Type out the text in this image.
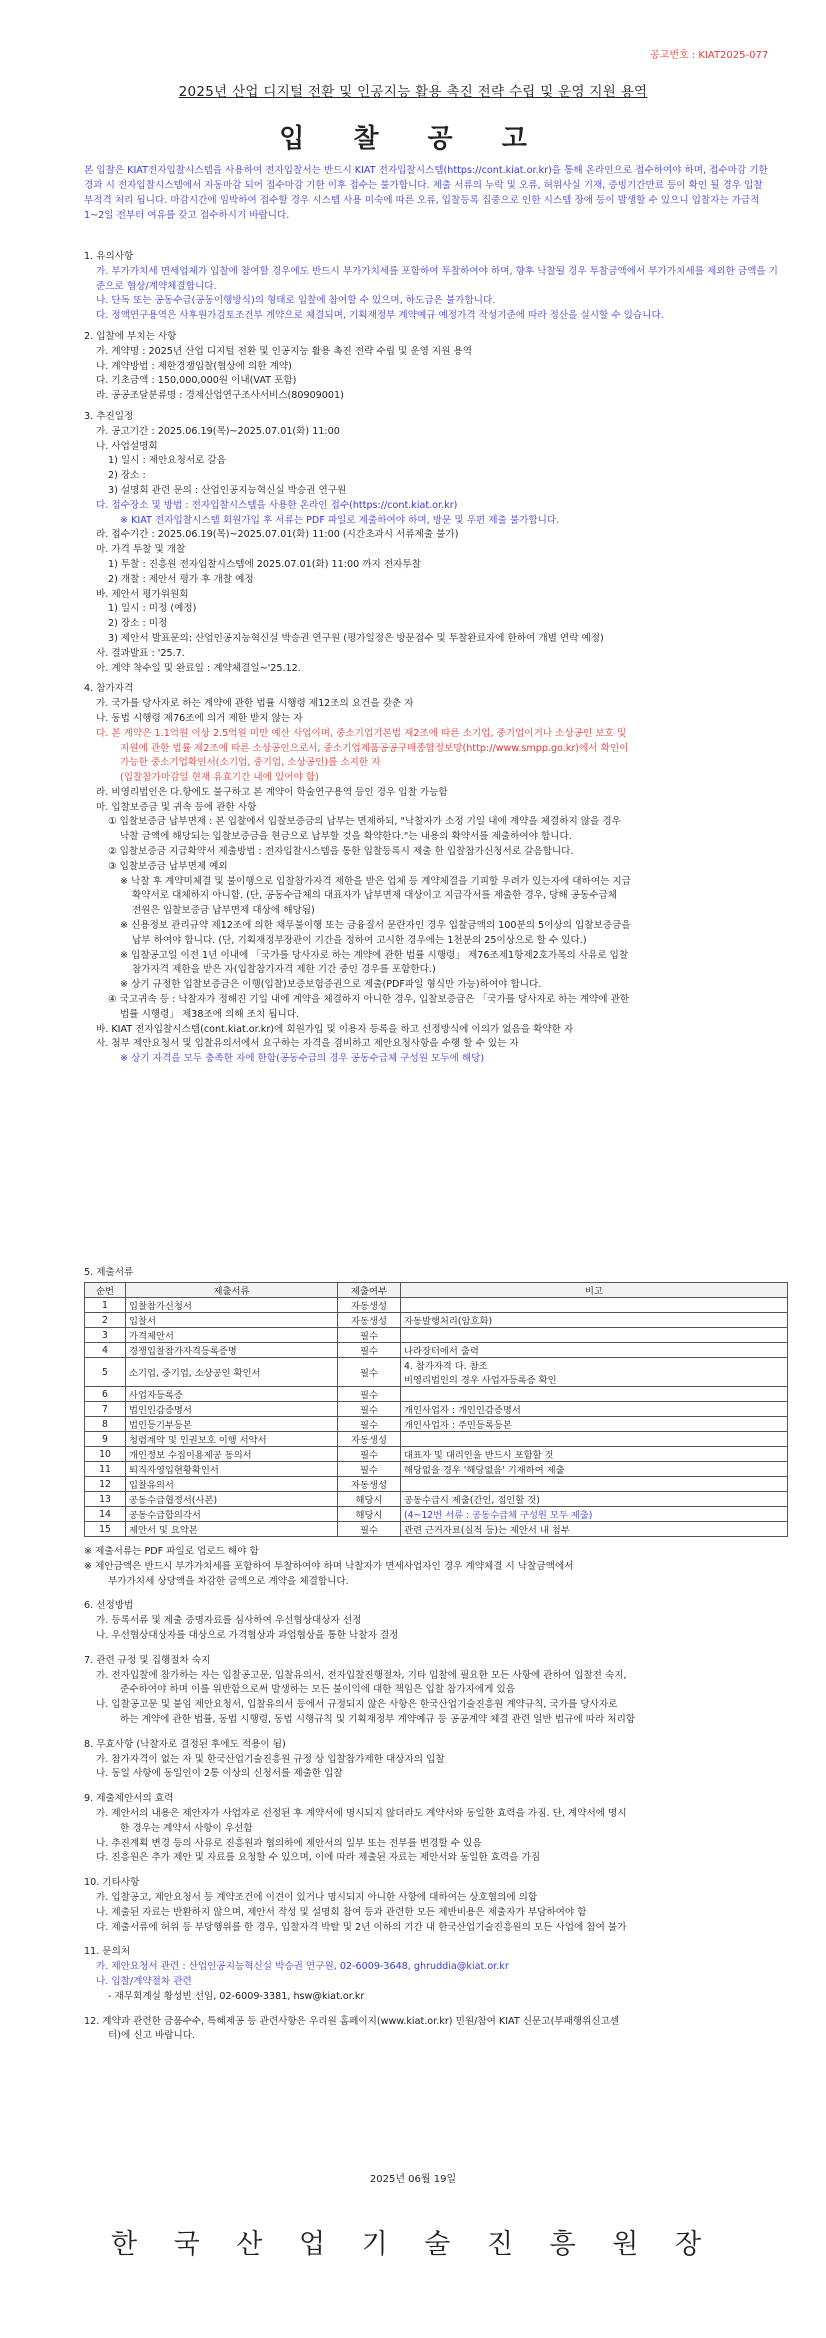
공고번호 : KIAT2025-077
2025년 산업 디지털 전환 및 인공지능 활용 촉진 전략 수립 및 운영 지원 용역
입 찰 공 고
본 입찰은 KIAT전자입찰시스템을 사용하여 전자입찰서는 반드시 KIAT 전자입찰시스템(https://cont.kiat.or.kr)을 통해 온라인으로 접수하여야 하며, 접수마감 기한 경과 시 전자입찰시스템에서 자동마감 되어 접수마감 기한 이후 접수는 불가합니다. 제출 서류의 누락 및 오류, 허위사실 기재, 증빙기간만료 등이 확인 될 경우 입찰 부적격 처리 됩니다. 마감시간에 임박하여 접수할 경우 시스템 사용 미숙에 따른 오류, 입찰등록 집중으로 인한 시스템 장애 등이 발생할 수 있으니 입찰자는 가급적 1~2일 전부터 여유를 갖고 접수하시기 바랍니다.
1. 유의사항
가. 부가가치세 면세업체가 입찰에 참여할 경우에도 반드시 부가가치세를 포함하여 투찰하여야 하며, 향후 낙찰될 경우 투찰금액에서 부가가치세를 제외한 금액을 기준으로 협상/계약체결합니다.
나. 단독 또는 공동수급(공동이행방식)의 형태로 입찰에 참여할 수 있으며, 하도급은 불가합니다.
다. 정액연구용역은 사후원가검토조건부 계약으로 체결되며, 기획재정부 계약예규 예정가격 작성기준에 따라 정산을 실시할 수 있습니다.
2. 입찰에 부치는 사항
가. 계약명 : 2025년 산업 디지털 전환 및 인공지능 활용 촉진 전략 수립 및 운영 지원 용역
나. 계약방법 : 제한경쟁입찰(협상에 의한 계약)
다. 기초금액 : 150,000,000원 이내(VAT 포함)
라. 공공조달분류명 : 경제산업연구조사서비스(80909001)
3. 추진일정
가. 공고기간 : 2025.06.19(목)~2025.07.01(화) 11:00
나. 사업설명회
1) 일시 : 제안요청서로 갈음
2) 장소 :
3) 설명회 관련 문의 : 산업인공지능혁신실 박승권 연구원
다. 접수장소 및 방법 : 전자입찰시스템을 사용한 온라인 접수(https://cont.kiat.or.kr)
※ KIAT 전자입찰시스템 회원가입 후 서류는 PDF 파일로 제출하여야 하며, 방문 및 우편 제출 불가합니다.
라. 접수기간 : 2025.06.19(목)~2025.07.01(화) 11:00 (시간초과시 서류제출 불가)
마. 가격 투찰 및 개찰
1) 투찰 : 진흥원 전자입찰시스템에 2025.07.01(화) 11:00 까지 전자투찰
2) 개찰 : 제안서 평가 후 개찰 예정
바. 제안서 평가위원회
1) 일시 : 미정 (예정)
2) 장소 : 미정
3) 제안서 발표문의: 산업인공지능혁신실 박승권 연구원 (평가일정은 방문접수 및 투찰완료자에 한하여 개별 연락 예정)
사. 결과발표 : '25.7.
아. 계약 착수일 및 완료일 : 계약체결일~'25.12.
4. 참가자격
가. 국가를 당사자로 하는 계약에 관한 법률 시행령 제12조의 요건을 갖춘 자
나. 동법 시행령 제76조에 의거 제한 받지 않는 자
다. 본 계약은 1.1억원 이상 2.5억원 미만 예산 사업이며, 중소기업기본법 제2조에 따른 소기업, 중기업이거나 소상공인 보호 및
지원에 관한 법률 제2조에 따른 소상공인으로서, 중소기업제품공공구매종합정보망(http://www.smpp.go.kr)에서 확인이
가능한 중소기업확인서(소기업, 중기업, 소상공인)를 소지한 자
(입찰참가마감일 현재 유효기간 내에 있어야 함)
라. 비영리법인은 다.항에도 불구하고 본 계약이 학술연구용역 등인 경우 입찰 가능함
마. 입찰보증금 및 귀속 등에 관한 사항
① 입찰보증금 납부면제 : 본 입찰에서 입찰보증금의 납부는 면제하되, "낙찰자가 소정 기일 내에 계약을 체결하지 않을 경우
낙찰 금액에 해당되는 입찰보증금을 현금으로 납부할 것을 확약한다."는 내용의 확약서를 제출하여야 합니다.
② 입찰보증금 지급확약서 제출방법 : 전자입찰시스템을 통한 입찰등록시 제출 한 입찰참가신청서로 갈음합니다.
③ 입찰보증금 납부면제 예외
※ 낙찰 후 계약미체결 및 불이행으로 입찰참가자격 제한을 받은 업체 등 계약체결을 기피할 우려가 있는자에 대하여는 지급
확약서로 대체하지 아니함. (단, 공동수급체의 대표자가 납부면제 대상이고 지급각서를 제출한 경우, 당해 공동수급체
전원은 입찰보증금 납부면제 대상에 해당됨)
※ 신용정보 관리규약 제12조에 의한 채무불이행 또는 금융질서 문란자인 경우 입찰금액의 100분의 5이상의 입찰보증금을
납부 하여야 합니다. (단, 기획재정부장관이 기간을 정하여 고시한 경우에는 1천분의 25이상으로 할 수 있다.)
※ 입찰공고일 이전 1년 이내에 「국가를 당사자로 하는 계약에 관한 법률 시행령」 제76조제1항제2호가목의 사유로 입찰
참가자격 제한을 받은 자(입찰참가자격 제한 기간 중인 경우를 포함한다.)
※ 상기 규정한 입찰보증금은 이행(입찰)보증보험증권으로 제출(PDF파일 형식만 가능)하여야 합니다.
④ 국고귀속 등 : 낙찰자가 정해진 기일 내에 계약을 체결하지 아니한 경우, 입찰보증금은 「국가를 당사자로 하는 계약에 관한
법률 시행령」 제38조에 의해 조치 됩니다.
바. KIAT 전자입찰시스템(cont.kiat.or.kr)에 회원가입 및 이용자 등록을 하고 선정방식에 이의가 없음을 확약한 자
사. 첨부 제안요청서 및 입찰유의서에서 요구하는 자격을 겸비하고 제안요청사항을 수행 할 수 있는 자
※ 상기 자격을 모두 충족한 자에 한함(공동수급의 경우 공동수급체 구성원 모두에 해당)
5. 제출서류
순번	제출서류	제출여부	비고
1	입찰참가신청서	자동생성	
2	입찰서	자동생성	자동발행처리(암호화)
3	가격제안서	필수	
4	경쟁입찰참가자격등록증명	필수	나라장터에서 출력
5	소기업, 중기업, 소상공인 확인서	필수	4. 참가자격 다. 참조
비영리법인의 경우 사업자등록증 확인
6	사업자등록증	필수	
7	법인인감증명서	필수	개인사업자 : 개인인감증명서
8	법인등기부등본	필수	개인사업자 : 주민등록등본
9	청렴계약 및 인권보호 이행 서약서	자동생성	
10	개인정보 수집이용제공 동의서	필수	대표자 및 대리인을 반드시 포함할 것
11	퇴직자영입현황확인서	필수	해당없을 경우 '해당없음' 기재하여 제출
12	입찰유의서	자동생성	
13	공동수급협정서(사본)	해당시	공동수급시 제출(간인, 접인할 것)
14	공동수급합의각서	해당시	(4~12번 서류 : 공동수급체 구성원 모두 제출)
15	제안서 및 요약본	필수	관련 근거자료(실적 등)는 제안서 내 첨부
※ 제출서류는 PDF 파일로 업로드 해야 함
※ 제안금액은 반드시 부가가치세를 포함하여 투찰하여야 하며 낙찰자가 면세사업자인 경우 계약체결 시 낙찰금액에서
부가가치세 상당액을 차감한 금액으로 계약을 체결합니다.
6. 선정방법
가. 등록서류 및 제출 증명자료를 심사하여 우선협상대상자 선정
나. 우선협상대상자를 대상으로 가격협상과 과업협상을 통한 낙찰자 결정
7. 관련 규정 및 집행절차 숙지
가. 전자입찰에 참가하는 자는 입찰공고문, 입찰유의서, 전자입찰진행절차, 기타 입찰에 필요한 모든 사항에 관하여 입찰전 숙지,
준수하여야 하며 이를 위반함으로써 발생하는 모든 불이익에 대한 책임은 입찰 참가자에게 있음
나. 입찰공고문 및 붙임 제안요청서, 입찰유의서 등에서 규정되지 않은 사항은 한국산업기술진흥원 계약규칙, 국가를 당사자로
하는 계약에 관한 법률, 동법 시행령, 동법 시행규칙 및 기획재정부 계약예규 등 공공계약 체결 관련 일반 법규에 따라 처리함
8. 무효사항 (낙찰자로 결정된 후에도 적용이 됨)
가. 참가자격이 없는 자 및 한국산업기술진흥원 규정 상 입찰참가제한 대상자의 입찰
나. 동일 사항에 동일인이 2통 이상의 신청서를 제출한 입찰
9. 제출제안서의 효력
가. 제안서의 내용은 제안자가 사업자로 선정된 후 계약서에 명시되지 않더라도 계약서와 동일한 효력을 가짐. 단, 계약서에 명시
한 경우는 계약서 사항이 우선함
나. 추진계획 변경 등의 사유로 진흥원과 협의하에 제안서의 일부 또는 전부를 변경할 수 있음
다. 진흥원은 추가 제안 및 자료를 요청할 수 있으며, 이에 따라 제출된 자료는 제안서와 동일한 효력을 가짐
10. 기타사항
가. 입찰공고, 제안요청서 등 계약조건에 이견이 있거나 명시되지 아니한 사항에 대하여는 상호협의에 의함
나. 제출된 자료는 반환하지 않으며, 제안서 작성 및 설명회 참여 등과 관련한 모든 제반비용은 제출자가 부담하여야 함
다. 제출서류에 허위 등 부당행위를 한 경우, 입찰자격 박탈 및 2년 이하의 기간 내 한국산업기술진흥원의 모든 사업에 참여 불가
11. 문의처
가. 제안요청서 관련 : 산업인공지능혁신실 박승권 연구원, 02-6009-3648, ghruddia@kiat.or.kr
나. 입찰/계약절차 관련
- 재무회계실 황성빈 선임, 02-6009-3381, hsw@kiat.or.kr
12. 계약과 관련한 금품수수, 특혜제공 등 관련사항은 우리원 홈페이지(www.kiat.or.kr) 민원/참여 KIAT 신문고(부패행위신고센
터)에 신고 바랍니다.
2025년 06월 19일
한 국 산 업 기 술 진 흥 원 장
